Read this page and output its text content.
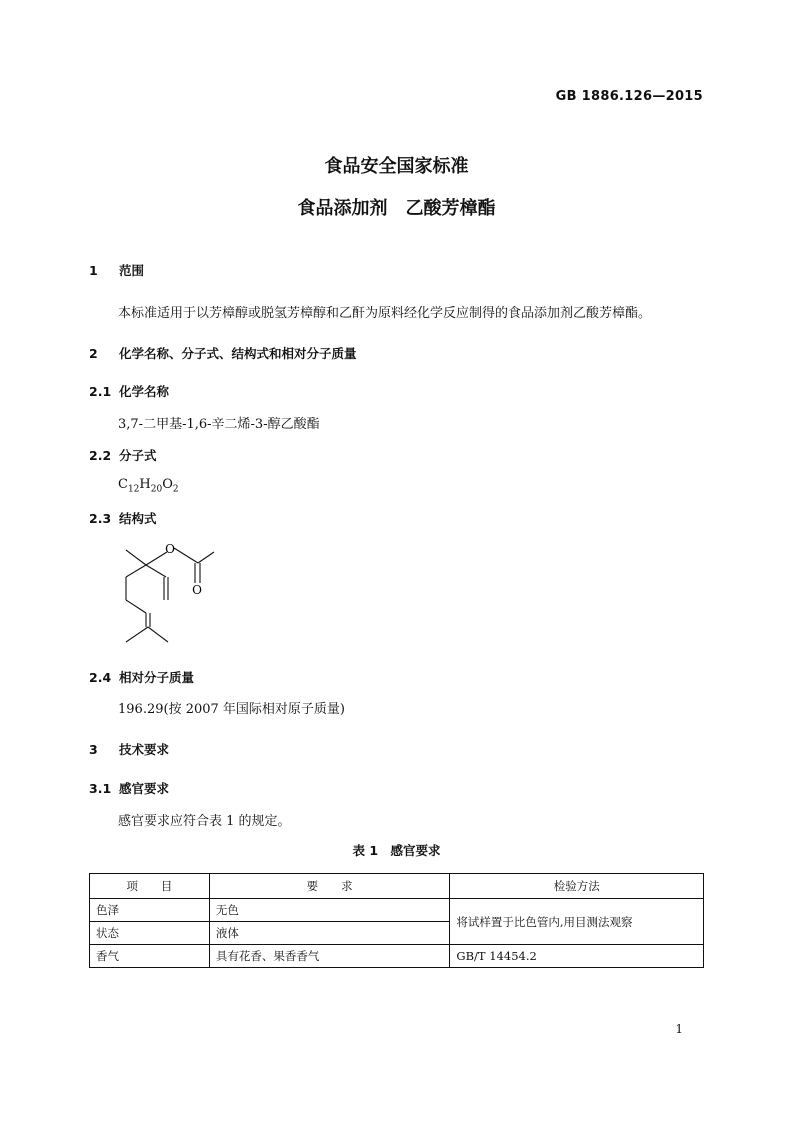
GB 1886.126—2015
食品安全国家标准
食品添加剂　乙酸芳樟酯
1 范围
本标准适用于以芳樟醇或脱氢芳樟醇和乙酐为原料经化学反应制得的食品添加剂乙酸芳樟酯。
2 化学名称、分子式、结构式和相对分子质量
2.1 化学名称
3,7-二甲基-1,6-辛二烯-3-醇乙酸酯
2.2 分子式
$C_{12}H_{20}O_2$
2.3 结构式
O
O
2.4 相对分子质量
196.29(按 2007 年国际相对原子质量)
3 技术要求
3.1 感官要求
感官要求应符合表 1 的规定。
表 1　感官要求
项　　目	要　　求	检验方法
色泽	无色	将试样置于比色管内,用目测法观察
状态	液体	
香气	具有花香、果香香气	GB/T 14454.2
1
